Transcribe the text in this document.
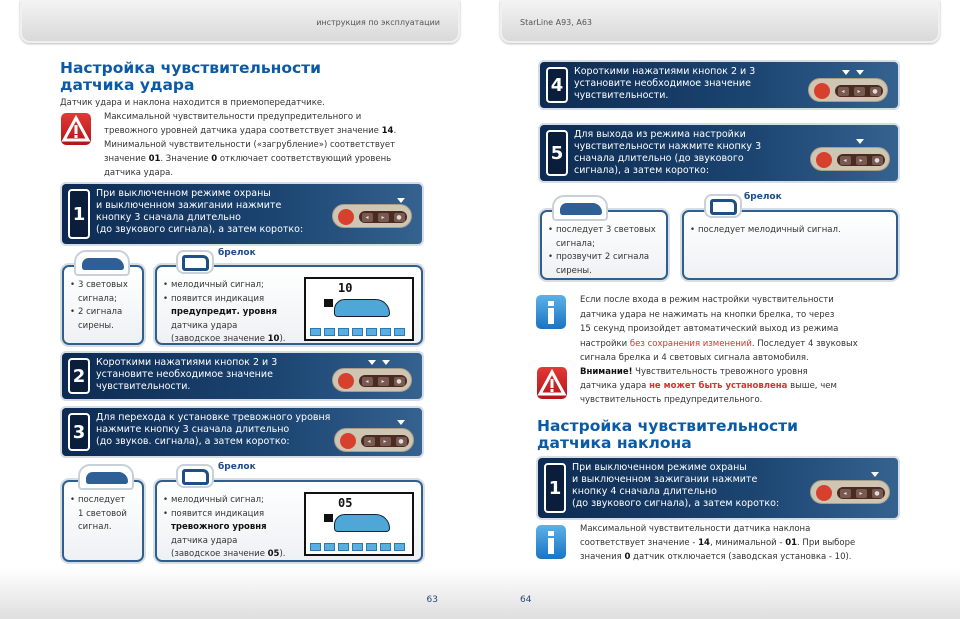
инструкция по эксплуатации
Настройка чувствительности
датчика удара
Датчик удара и наклона находится в приемопередатчике.
Максимальной чувствительности предупредительного и
тревожного уровней датчика удара соответствует значение 14.
Минимальной чувствительности («загрубление») соответствует
значение 01. Значение 0 отключает соответствующий уровень
датчика удара.
1
При выключенном режиме охраны
и выключенном зажигании нажмите
кнопку 3 сначала длительно
(до звукового сигнала), а затем коротко:
◂	▸	●
• 3 световых
сигнала;
• 2 сигнала
сирены.
• мелодичный сигнал;
• появится индикация
предупредит. уровня
датчика удара
(заводское значение 10).
10
брелок
2
Короткими нажатиями кнопок 2 и 3
установите необходимое значение
чувствительности.	◂	▸	●
3
Для перехода к установке тревожного уровня
нажмите кнопку 3 сначала длительно
(до звуков. сигнала), а затем коротко:	◂	▸	●
• последует
1 световой
сигнал.
• мелодичный сигнал;
• появится индикация
тревожного уровня
датчика удара
(заводское значение 05).
05
брелок
63
StarLine A93, A63
4
Короткими нажатиями кнопок 2 и 3
установите необходимое значение
чувствительности.	◂	▸	●
5
Для выхода из режима настройки
чувствительности нажмите кнопку 3
сначала длительно (до звукового
сигнала), а затем коротко:
◂	▸	●
• последует 3 световых
сигнала;
• прозвучит 2 сигнала
сирены.
• последует мелодичный сигнал.
брелок
Если после входа в режим настройки чувствительности
датчика удара не нажимать на кнопки брелка, то через
15 секунд произойдет автоматический выход из режима
настройки без сохранения изменений. Последует 4 звуковых
сигнала брелка и 4 световых сигнала автомобиля.
Внимание! Чувствительность тревожного уровня
датчика удара не может быть установлена выше, чем
чувствительность предупредительного.
Настройка чувствительности
датчика наклона
1
При выключенном режиме охраны
и выключенном зажигании нажмите
кнопку 4 сначала длительно
(до звукового сигнала), а затем коротко:
◂	▸	●
Максимальной чувствительности датчика наклона
соответствует значение - 14, минимальной - 01. При выборе
значения 0 датчик отключается (заводская установка - 10).
64
